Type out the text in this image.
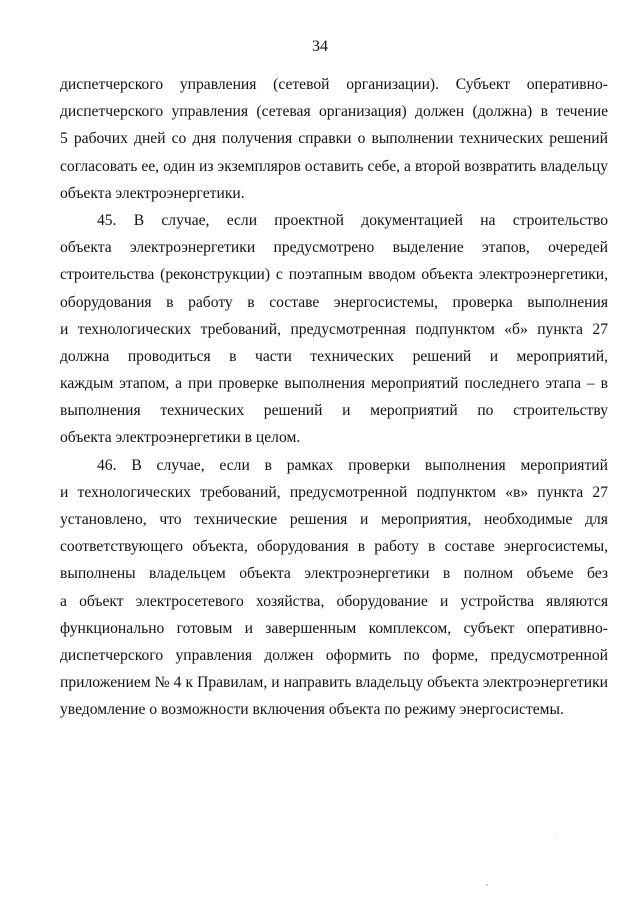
34
диспетчерского управления (сетевой организации). Субъект оперативно-
диспетчерского управления (сетевая организация) должен (должна) в течение
5 рабочих дней со дня получения справки о выполнении технических решений
согласовать ее, один из экземпляров оставить себе, а второй возвратить владельцу
объекта электроэнергетики.
45. В случае, если проектной документацией на строительство
объекта электроэнергетики предусмотрено выделение этапов, очередей
строительства (реконструкции) с поэтапным вводом объекта электроэнергетики,
оборудования в работу в составе энергосистемы, проверка выполнения
и технологических требований, предусмотренная подпунктом «б» пункта 27
должна проводиться в части технических решений и мероприятий,
каждым этапом, а при проверке выполнения мероприятий последнего этапа – в
выполнения технических решений и мероприятий по строительству
объекта электроэнергетики в целом.
46. В случае, если в рамках проверки выполнения мероприятий
и технологических требований, предусмотренной подпунктом «в» пункта 27
установлено, что технические решения и мероприятия, необходимые для
соответствующего объекта, оборудования в работу в составе энергосистемы,
выполнены владельцем объекта электроэнергетики в полном объеме без
а объект электросетевого хозяйства, оборудование и устройства являются
функционально готовым и завершенным комплексом, субъект оперативно-
диспетчерского управления должен оформить по форме, предусмотренной
приложением № 4 к Правилам, и направить владельцу объекта электроэнергетики
уведомление о возможности включения объекта по режиму энергосистемы.
